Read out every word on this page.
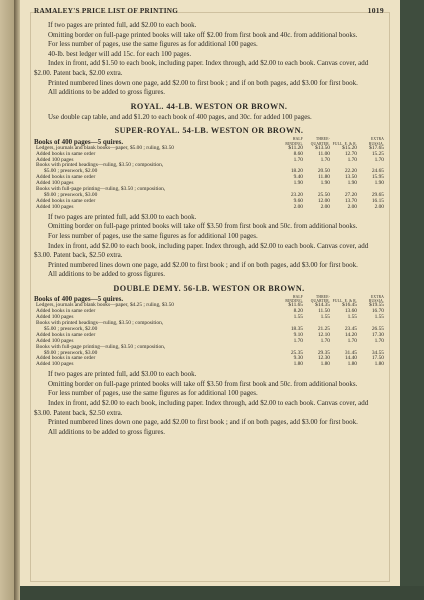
RAMALEY'S PRICE LIST OF PRINTING	1019

If two pages are printed full, add $2.00 to each book.

Omitting border on full-page printed books will take off $2.00 from first book and 40c. from additional books.

For less number of pages, use the same figures as for additional 100 pages.

40-lb. best ledger will add 15c. for each 100 pages.

Index in front, add $1.50 to each book, including paper. Index through, add $2.00 to each book. Canvas cover, add $2.00. Patent back, $2.00 extra.

Printed numbered lines down one page, add $2.00 to first book ; and if on both pages, add $3.00 for first book.

All additions to be added to gross figures.

ROYAL. 44-LB. WESTON OR BROWN.

Use double cap table, and add $1.20 to each book of 400 pages, and 30c. for added 100 pages.

SUPER-ROYAL. 54-LB. WESTON OR BROWN.
Books of 400 pages—5 quires.	HALF BINDING.	THREE-QUARTER.	FULL. E. & R.	EXTRA RUSSIA.
Ledgers, journals and blank books—paper, $5.00 ; ruling, $3.50	$11.20	$13.50	$15.20	$17.65
Added books in same order	8.60	11.00	12.70	15.25
Added 100 pages	1.70	1.70	1.70	1.70
Books with printed headings—ruling, $3.50 ; composition,				
$5.00 ; presswork, $2.00	18.20	20.50	22.20	24.65
Added books in same order	9.40	11.80	13.50	15.95
Added 100 pages	1.90	1.90	1.90	1.90
Books with full-page printing—ruling, $3.50 ; composition,				
$9.00 ; presswork, $3.00	23.20	25.50	27.20	29.65
Added books in same order	9.60	12.00	13.70	16.15
Added 100 pages	2.00	2.00	2.00	2.00

If two pages are printed full, add $3.00 to each book.

Omitting border on full-page printed books will take off $3.50 from first book and 50c. from additional books.

For less number of pages, use the same figures as for additional 100 pages.

Index in front, add $2.00 to each book, including paper. Index through, add $2.00 to each book. Canvas cover, add $3.00. Patent back, $2.50 extra.

Printed numbered lines down one page, add $2.00 to first book ; and if on both pages, add $3.00 for first book.

All additions to be added to gross figures.

DOUBLE DEMY. 56-LB. WESTON OR BROWN.
Books of 400 pages—5 quires.	HALF BINDING.	THREE-QUARTER.	FULL. E. & R.	EXTRA RUSSIA.
Ledgers, journals and blank books—paper, $4.25 ; ruling, $3.50	$11.65	$14.35	$16.45	$19.55
Added books in same order	8.20	11.50	13.60	16.70
Added 100 pages	1.55	1.55	1.55	1.55
Books with printed headings—ruling, $3.50 ; composition,				
$5.00 ; presswork, $2.00	18.35	21.25	23.45	26.55
Added books in same order	9.10	12.10	14.20	17.30
Added 100 pages	1.70	1.70	1.70	1.70
Books with full-page printing—ruling, $3.50 ; composition,				
$9.00 ; presswork, $3.00	25.35	29.35	31.45	34.55
Added books in same order	9.30	12.30	14.40	17.50
Added 100 pages	1.80	1.80	1.80	1.80

If two pages are printed full, add $3.00 to each book.

Omitting border on full-page printed books will take off $3.50 from first book and 50c. from additional books.

For less number of pages, use the same figures as for additional 100 pages.

Index in front, add $2.00 to each book, including paper. Index through, add $2.00 to each book. Canvas cover, add $3.00. Patent back, $2.50 extra.

Printed numbered lines down one page, add $2.00 to first book ; and if on both pages, add $3.00 for first book.

All additions to be added to gross figures.
